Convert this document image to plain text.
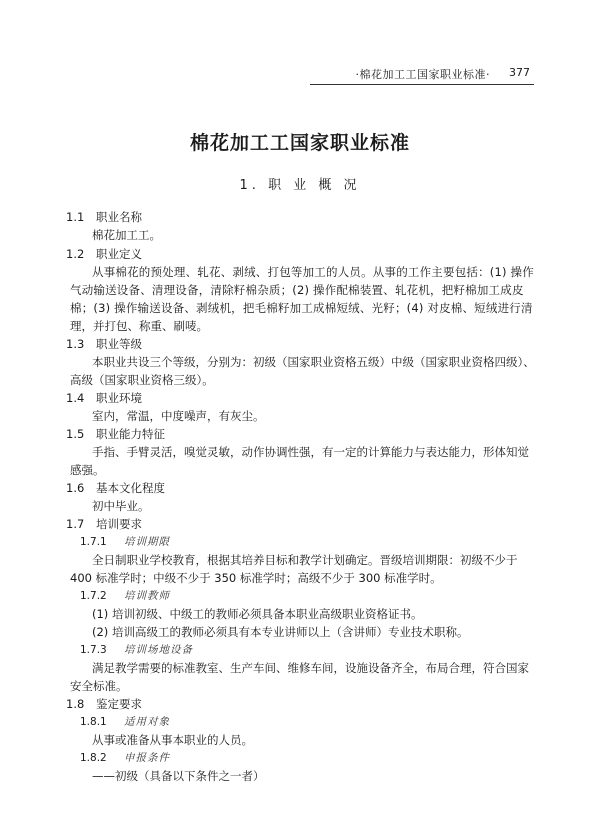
·棉花加工工国家职业标准· 377
棉花加工工国家职业标准
1. 职 业 概 况
1.1 职业名称
棉花加工工。
1.2 职业定义
从事棉花的预处理、轧花、剥绒、打包等加工的人员。从事的工作主要包括：(1) 操作
气动输送设备、清理设备，清除籽棉杂质；(2) 操作配棉装置、轧花机，把籽棉加工成皮
棉；(3) 操作输送设备、剥绒机，把毛棉籽加工成棉短绒、光籽；(4) 对皮棉、短绒进行清
理，并打包、称重、刷唛。
1.3 职业等级
本职业共设三个等级，分别为：初级（国家职业资格五级）中级（国家职业资格四级）、
高级（国家职业资格三级）。
1.4 职业环境
室内，常温，中度噪声，有灰尘。
1.5 职业能力特征
手指、手臂灵活，嗅觉灵敏，动作协调性强，有一定的计算能力与表达能力，形体知觉
感强。
1.6 基本文化程度
初中毕业。
1.7 培训要求
1.7.1 培训期限
全日制职业学校教育，根据其培养目标和教学计划确定。晋级培训期限：初级不少于
400 标准学时；中级不少于 350 标准学时；高级不少于 300 标准学时。
1.7.2 培训教师
(1) 培训初级、中级工的教师必须具备本职业高级职业资格证书。
(2) 培训高级工的教师必须具有本专业讲师以上（含讲师）专业技术职称。
1.7.3 培训场地设备
满足教学需要的标准教室、生产车间、维修车间，设施设备齐全，布局合理，符合国家
安全标准。
1.8 鉴定要求
1.8.1 适用对象
从事或准备从事本职业的人员。
1.8.2 申报条件
——初级（具备以下条件之一者）
